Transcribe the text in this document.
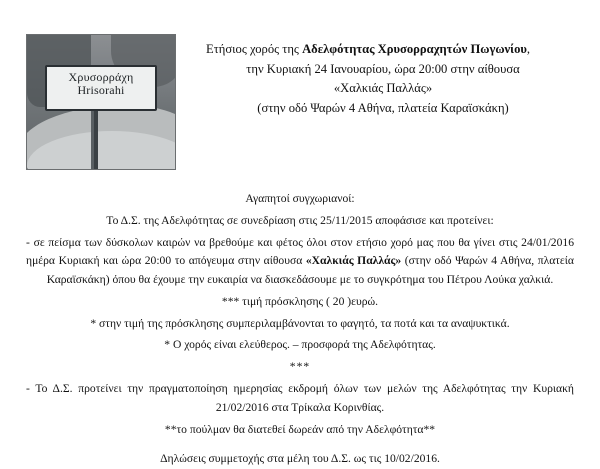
Χρυσορράχη
Hrisorahi
Ετήσιος χορός της Αδελφότητας Χρυσορραχητών Πωγωνίου,
την Κυριακή 24 Ιανουαρίου, ώρα 20:00 στην αίθουσα
«Χαλκιάς Παλλάς»
(στην οδό Ψαρών 4 Αθήνα, πλατεία Καραϊσκάκη)

Αγαπητοί συγχωριανοί:

Το Δ.Σ. της Αδελφότητας σε συνεδρίαση στις 25/11/2015 αποφάσισε και προτείνει:

- σε πείσμα των δύσκολων καιρών να βρεθούμε και φέτος όλοι στον ετήσιο χορό μας που θα γίνει στις 24/01/2016 ημέρα Κυριακή και ώρα 20:00 το απόγευμα στην αίθουσα «Χαλκιάς Παλλάς» (στην οδό Ψαρών 4 Αθήνα, πλατεία Καραϊσκάκη) όπου θα έχουμε την ευκαιρία να διασκεδάσουμε με το συγκρότημα του Πέτρου Λούκα χαλκιά.

*** τιμή πρόσκλησης ( 20 )ευρώ.

* στην τιμή της πρόσκλησης συμπεριλαμβάνονται το φαγητό, τα ποτά και τα αναψυκτικά.

* Ο χορός είναι ελεύθερος. – προσφορά της Αδελφότητας.

***

- Το Δ.Σ. προτείνει την πραγματοποίηση ημερησίας εκδρομή όλων των μελών της Αδελφότητας την Κυριακή 21/02/2016 στα Τρίκαλα Κορινθίας.

**το πούλμαν θα διατεθεί δωρεάν από την Αδελφότητα**

Δηλώσεις συμμετοχής στα μέλη του Δ.Σ. ως τις 10/02/2016.
